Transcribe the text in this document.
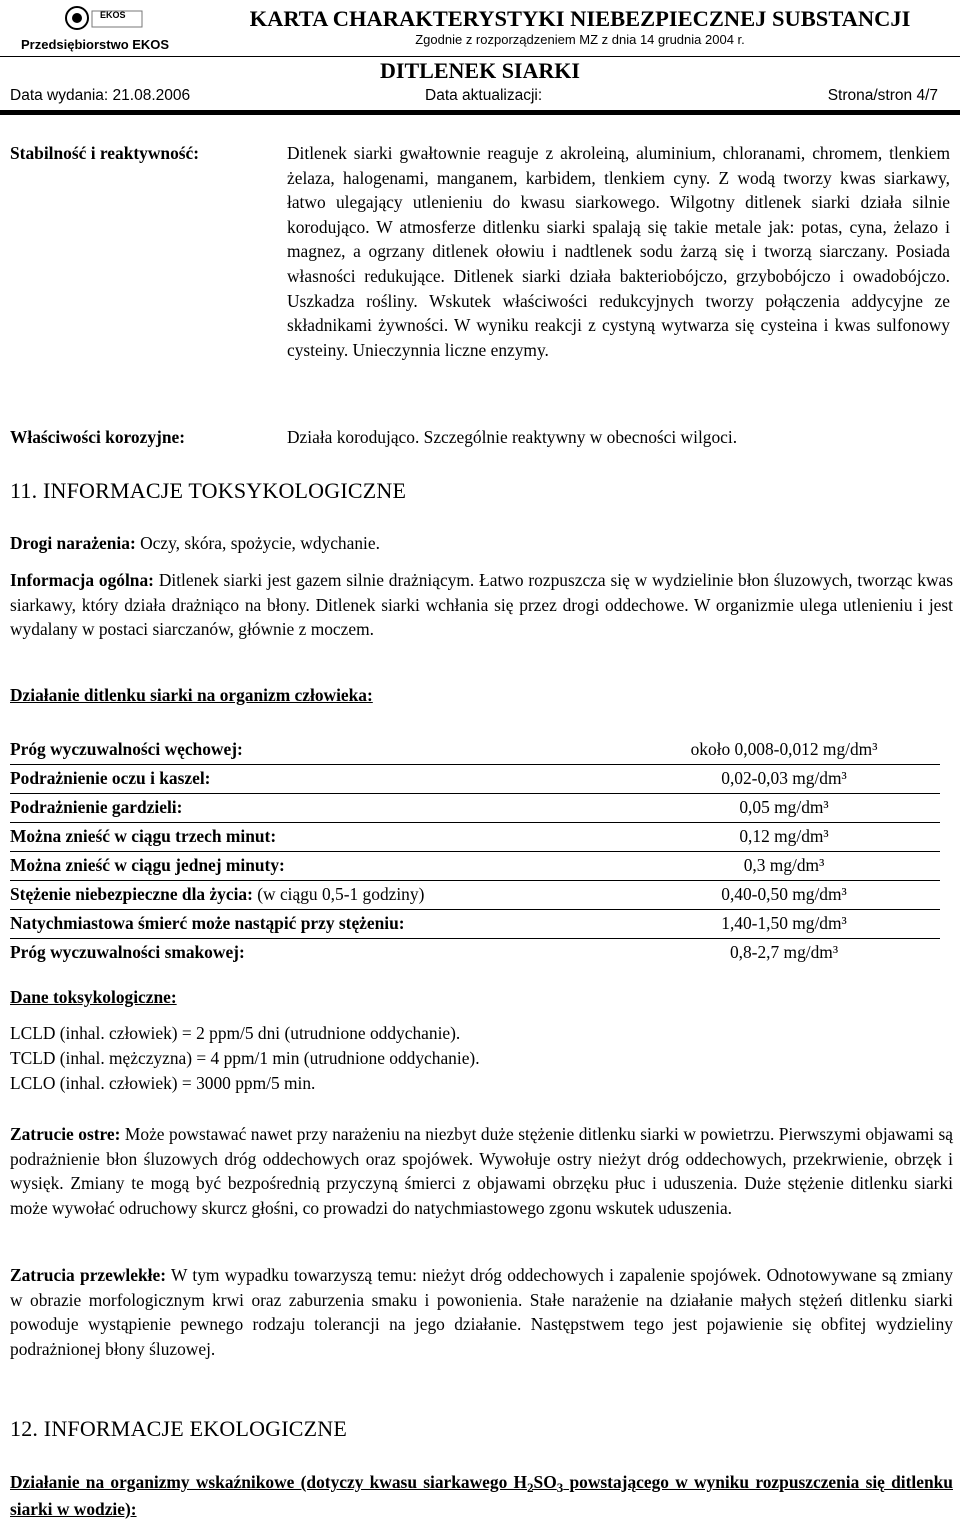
EKOS
Przedsiębiorstwo EKOS
KARTA CHARAKTERYSTYKI NIEBEZPIECZNEJ SUBSTANCJI
Zgodnie z rozporządzeniem MZ z dnia 14 grudnia 2004 r.
DITLENEK SIARKI
Data wydania: 21.08.2006	Data aktualizacji:	Strona/stron 4/7
Stabilność i reaktywność:	Ditlenek siarki gwałtownie reaguje z akroleiną, aluminium, chloranami, chromem, tlenkiem żelaza, halogenami, manganem, karbidem, tlenkiem cyny. Z wodą tworzy kwas siarkawy, łatwo ulegający utlenieniu do kwasu siarkowego. Wilgotny ditlenek siarki działa silnie korodująco. W atmosferze ditlenku siarki spalają się takie metale jak: potas, cyna, żelazo i magnez, a ogrzany ditlenek ołowiu i nadtlenek sodu żarzą się i tworzą siarczany. Posiada własności redukujące. Ditlenek siarki działa bakteriobójczo, grzybobójczo i owadobójczo. Uszkadza rośliny. Wskutek właściwości redukcyjnych tworzy połączenia addycyjne ze składnikami żywności. W wyniku reakcji z cystyną wytwarza się cysteina i kwas sulfonowy cysteiny. Unieczynnia liczne enzymy.

Właściwości korozyjne:	Działa korodująco. Szczególnie reaktywny w obecności wilgoci.

11. INFORMACJE TOKSYKOLOGICZNE

Drogi narażenia: Oczy, skóra, spożycie, wdychanie.

Informacja ogólna: Ditlenek siarki jest gazem silnie drażniącym. Łatwo rozpuszcza się w wydzielinie błon śluzowych, tworząc kwas siarkawy, który działa drażniąco na błony. Ditlenek siarki wchłania się przez drogi oddechowe. W organizmie ulega utlenieniu i jest wydalany w postaci siarczanów, głównie z moczem.

Działanie ditlenku siarki na organizm człowieka:
Próg wyczuwalności węchowej:	około 0,008-0,012 mg/dm³
Podrażnienie oczu i kaszel:	0,02-0,03 mg/dm³
Podrażnienie gardzieli:	0,05 mg/dm³
Można znieść w ciągu trzech minut:	0,12 mg/dm³
Można znieść w ciągu jednej minuty:	0,3 mg/dm³
Stężenie niebezpieczne dla życia: (w ciągu 0,5-1 godziny)	0,40-0,50 mg/dm³
Natychmiastowa śmierć może nastąpić przy stężeniu:	1,40-1,50 mg/dm³
Próg wyczuwalności smakowej:	0,8-2,7 mg/dm³
Dane toksykologiczne:
LCLD (inhal. człowiek) = 2 ppm/5 dni (utrudnione oddychanie).
TCLD (inhal. mężczyzna) = 4 ppm/1 min (utrudnione oddychanie).
LCLO (inhal. człowiek) = 3000 ppm/5 min.

Zatrucie ostre: Może powstawać nawet przy narażeniu na niezbyt duże stężenie ditlenku siarki w powietrzu. Pierwszymi objawami są podrażnienie błon śluzowych dróg oddechowych oraz spojówek. Wywołuje ostry nieżyt dróg oddechowych, przekrwienie, obrzęk i wysięk. Zmiany te mogą być bezpośrednią przyczyną śmierci z objawami obrzęku płuc i uduszenia. Duże stężenie ditlenku siarki może wywołać odruchowy skurcz głośni, co prowadzi do natychmiastowego zgonu wskutek uduszenia.

Zatrucia przewlekłe: W tym wypadku towarzyszą temu: nieżyt dróg oddechowych i zapalenie spojówek. Odnotowywane są zmiany w obrazie morfologicznym krwi oraz zaburzenia smaku i powonienia. Stałe narażenie na działanie małych stężeń ditlenku siarki powoduje wystąpienie pewnego rodzaju tolerancji na jego działanie. Następstwem tego jest pojawienie się obfitej wydzieliny podrażnionej błony śluzowej.

12. INFORMACJE EKOLOGICZNE

Działanie na organizmy wskaźnikowe (dotyczy kwasu siarkawego $H_2SO_3$ powstającego w wyniku rozpuszczenia się ditlenku siarki w wodzie):
